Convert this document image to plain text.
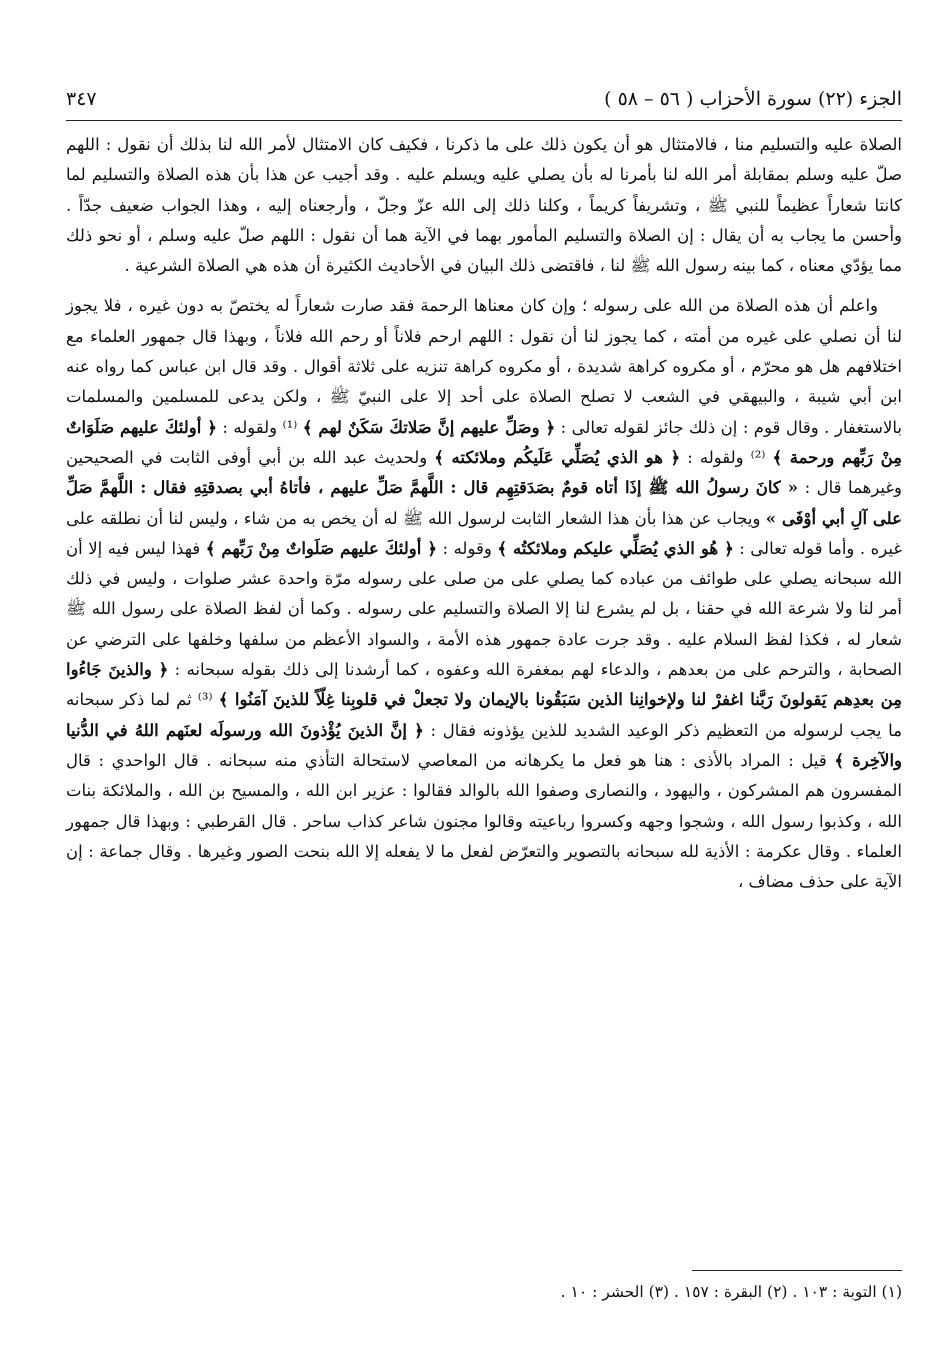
الجزء (٢٢) سورة الأحزاب ( ٥٦ – ٥٨ )
٣٤٧

الصلاة عليه والتسليم منا ، فالامتثال هو أن يكون ذلك على ما ذكرنا ، فكيف كان الامتثال لأمر الله لنا بذلك أن نقول : اللهم صلّ عليه وسلم بمقابلة أمر الله لنا بأمرنا له بأن يصلي عليه ويسلم عليه . وقد أجيب عن هذا بأن هذه الصلاة والتسليم لما كانتا شعاراً عظيماً للنبي ﷺ ، وتشريفاً كريماً ، وكلنا ذلك إلى الله عزّ وجلّ ، وأرجعناه إليه ، وهذا الجواب ضعيف جدّاً . وأحسن ما يجاب به أن يقال : إن الصلاة والتسليم المأمور بهما في الآية هما أن نقول : اللهم صلّ عليه وسلم ، أو نحو ذلك مما يؤدّي معناه ، كما بينه رسول الله ﷺ لنا ، فاقتضى ذلك البيان في الأحاديث الكثيرة أن هذه هي الصلاة الشرعية .

واعلم أن هذه الصلاة من الله على رسوله ؛ وإن كان معناها الرحمة فقد صارت شعاراً له يختصّ به دون غيره ، فلا يجوز لنا أن نصلي على غيره من أمته ، كما يجوز لنا أن نقول : اللهم ارحم فلاناً أو رحم الله فلاناً ، وبهذا قال جمهور العلماء مع اختلافهم هل هو محرّم ، أو مكروه كراهة شديدة ، أو مكروه كراهة تنزيه على ثلاثة أقوال . وقد قال ابن عباس كما رواه عنه ابن أبي شيبة ، والبيهقي في الشعب لا تصلح الصلاة على أحد إلا على النبيّ ﷺ ، ولكن يدعى للمسلمين والمسلمات بالاستغفار . وقال قوم : إن ذلك جائز لقوله تعالى : ﴿ وصَلِّ عليهم إنَّ صَلاتكَ سَكَنٌ لهم ﴾ ⁽¹⁾ ولقوله : ﴿ أولئكَ عليهم صَلَوَاتٌ مِنْ رَبِّهم ورحمة ﴾ ⁽²⁾ ولقوله : ﴿ هو الذي يُصَلِّي عَلَيكُم وملائكته ﴾ ولحديث عبد الله بن أبي أوفى الثابت في الصحيحين وغيرهما قال : « كانَ رسولُ الله ﷺ إذَا أتاه قومٌ بصَدَقتِهِم قال : اللَّهمَّ صَلِّ عليهم ، فأتاهُ أبي بصدقتِهِ فقال : اللَّهمَّ صَلِّ على آلِ أبي أوْفَى » ويجاب عن هذا بأن هذا الشعار الثابت لرسول الله ﷺ له أن يخص به من شاء ، وليس لنا أن نطلقه على غيره . وأما قوله تعالى : ﴿ هُو الذي يُصَلِّي عليكم وملائكتُه ﴾ وقوله : ﴿ أولئكَ عليهم صَلَواتٌ مِنْ رَبِّهم ﴾ فهذا ليس فيه إلا أن الله سبحانه يصلي على طوائف من عباده كما يصلي على من صلى على رسوله مرّة واحدة عشر صلوات ، وليس في ذلك أمر لنا ولا شرعة الله في حقنا ، بل لم يشرع لنا إلا الصلاة والتسليم على رسوله . وكما أن لفظ الصلاة على رسول الله ﷺ شعار له ، فكذا لفظ السلام عليه . وقد جرت عادة جمهور هذه الأمة ، والسواد الأعظم من سلفها وخلفها على الترضي عن الصحابة ، والترحم على من بعدهم ، والدعاء لهم بمغفرة الله وعفوه ، كما أرشدنا إلى ذلك بقوله سبحانه : ﴿ والذينَ جَاءُوا مِن بعدِهم يَقولونَ رَبَّنا اغفرْ لنا ولإخوانِنا الذين سَبَقُونا بالإيمان ولا تجعلْ في قلوبِنا غِلّاً للذينَ آمَنُوا ﴾ ⁽³⁾ ثم لما ذكر سبحانه ما يجب لرسوله من التعظيم ذكر الوعيد الشديد للذين يؤذونه فقال : ﴿ إنَّ الذينَ يُؤْذونَ الله ورسولَه لعنَهم اللهُ في الدُّنيا والآخِرة ﴾ قيل : المراد بالأذى : هنا هو فعل ما يكرهانه من المعاصي لاستحالة التأذي منه سبحانه . قال الواحدي : قال المفسرون هم المشركون ، واليهود ، والنصارى وصفوا الله بالوالد فقالوا : عزير ابن الله ، والمسيح بن الله ، والملائكة بنات الله ، وكذبوا رسول الله ، وشجوا وجهه وكسروا رباعيته وقالوا مجنون شاعر كذاب ساحر . قال القرطبي : وبهذا قال جمهور العلماء . وقال عكرمة : الأذية لله سبحانه بالتصوير والتعرّض لفعل ما لا يفعله إلا الله بنحت الصور وغيرها . وقال جماعة : إن الآية على حذف مضاف ،

(١) التوبة : ١٠٣ . (٢) البقرة : ١٥٧ . (٣) الحشر : ١٠ .
